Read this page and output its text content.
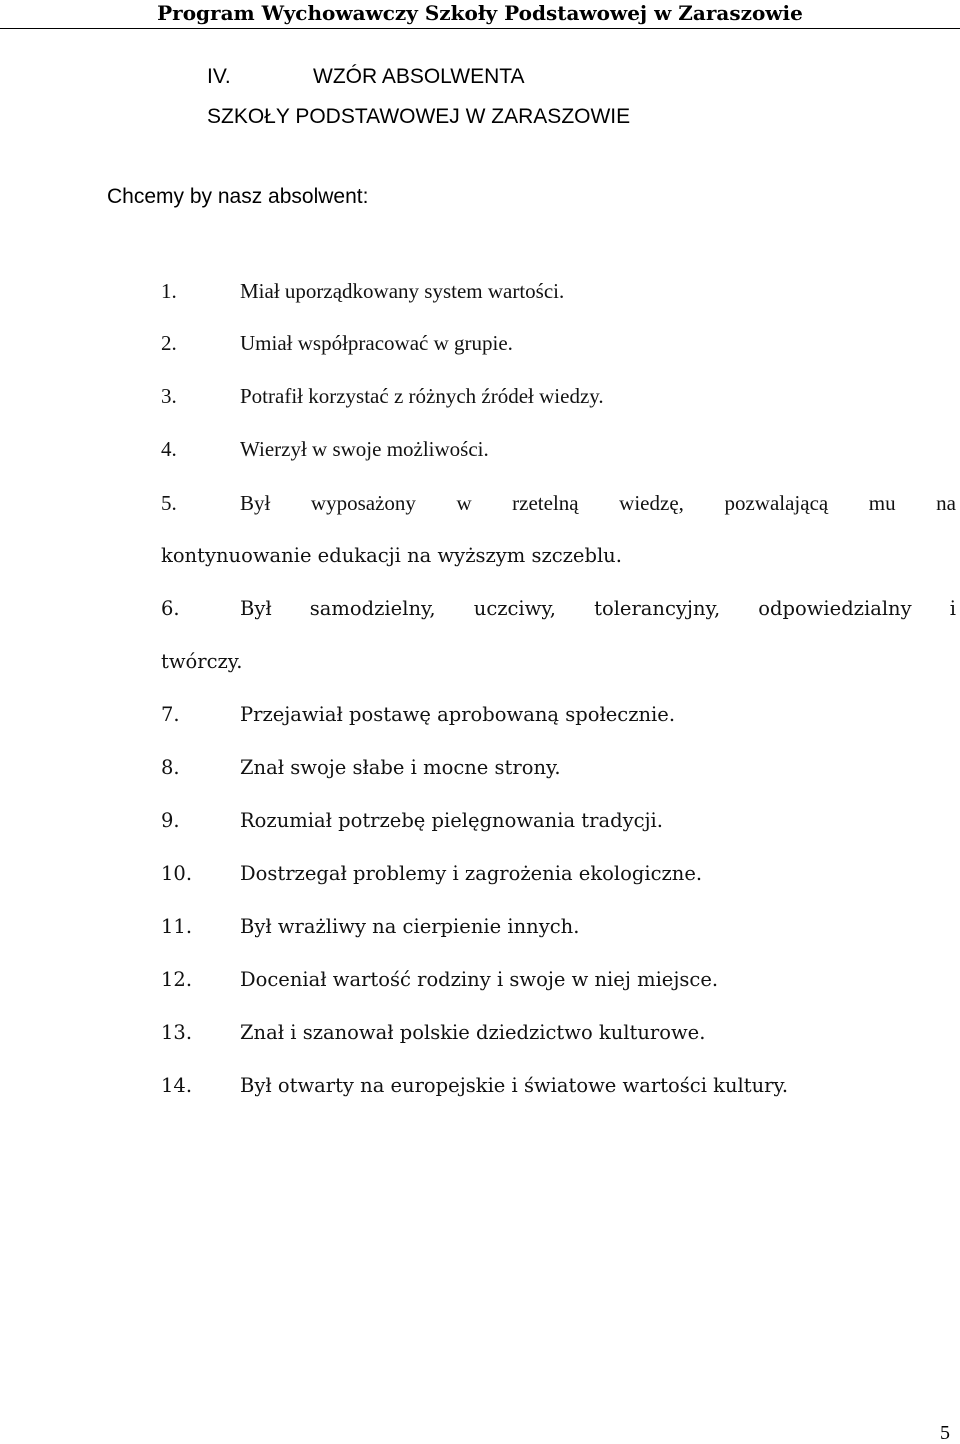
Program Wychowawczy Szkoły Podstawowej w Zaraszowie
IV.	WZÓR ABSOLWENTA
SZKOŁY PODSTAWOWEJ W ZARASZOWIE
Chcemy by nasz absolwent:
1.	Miał uporządkowany system wartości.
2.	Umiał współpracować w grupie.
3.	Potrafił korzystać z różnych źródeł wiedzy.
4.	Wierzył w swoje możliwości.
5.	Był wyposażony w rzetelną wiedzę, pozwalającą mu na
kontynuowanie edukacji na wyższym szczeblu.
6.	Był samodzielny, uczciwy, tolerancyjny, odpowiedzialny i
twórczy.
7.	Przejawiał postawę aprobowaną społecznie.
8.	Znał swoje słabe i mocne strony.
9.	Rozumiał potrzebę pielęgnowania tradycji.
10. Dostrzegał problemy i zagrożenia ekologiczne.
11. Był wrażliwy na cierpienie innych.
12. Doceniał wartość rodziny i swoje w niej miejsce.
13. Znał i szanował polskie dziedzictwo kulturowe.
14. Był otwarty na europejskie i światowe wartości kultury.
5
